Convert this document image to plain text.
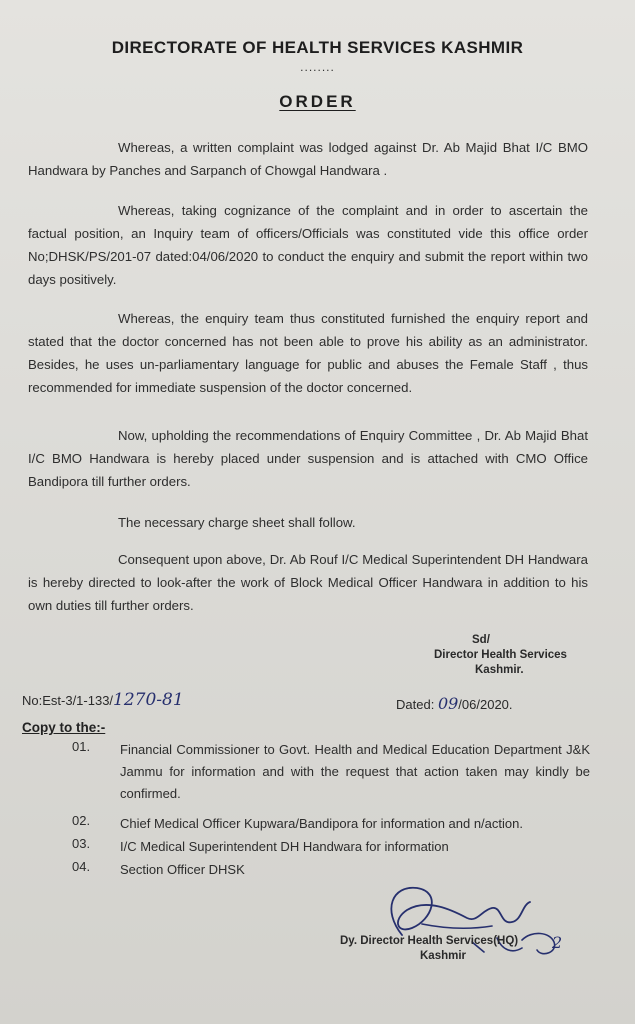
DIRECTORATE OF HEALTH SERVICES KASHMIR
........
ORDER
Whereas, a written complaint was lodged against Dr. Ab Majid Bhat I/C BMO Handwara by Panches and Sarpanch of Chowgal Handwara .
Whereas, taking cognizance of the complaint and in order to ascertain the factual position, an Inquiry team of officers/Officials was constituted vide this office order No;DHSK/PS/201-07 dated:04/06/2020 to conduct the enquiry and submit the report within two days positively.
Whereas, the enquiry team thus constituted furnished the enquiry report and stated that the doctor concerned has not been able to prove his ability as an administrator. Besides, he uses un-parliamentary language for public and abuses the Female Staff , thus recommended for immediate suspension of the doctor concerned.
Now, upholding the recommendations of Enquiry Committee , Dr. Ab Majid Bhat I/C BMO Handwara is hereby placed under suspension and is attached with CMO Office Bandipora till further orders.
The necessary charge sheet shall follow.
Consequent upon above, Dr. Ab Rouf I/C Medical Superintendent DH Handwara is hereby directed to look-after the work of Block Medical Officer Handwara in addition to his own duties till further orders.
Sd/
Director Health Services
Kashmir.
No:Est-3/1-133/1270-81	Dated: 09/06/2020.
Copy to the:-
01. Financial Commissioner to Govt. Health and Medical Education Department J&K Jammu for information and with the request that action taken may kindly be confirmed.
02. Chief Medical Officer Kupwara/Bandipora for information and n/action.
03. I/C Medical Superintendent DH Handwara for information
04. Section Officer DHSK
2
Dy. Director Health Services(HQ)
Kashmir
